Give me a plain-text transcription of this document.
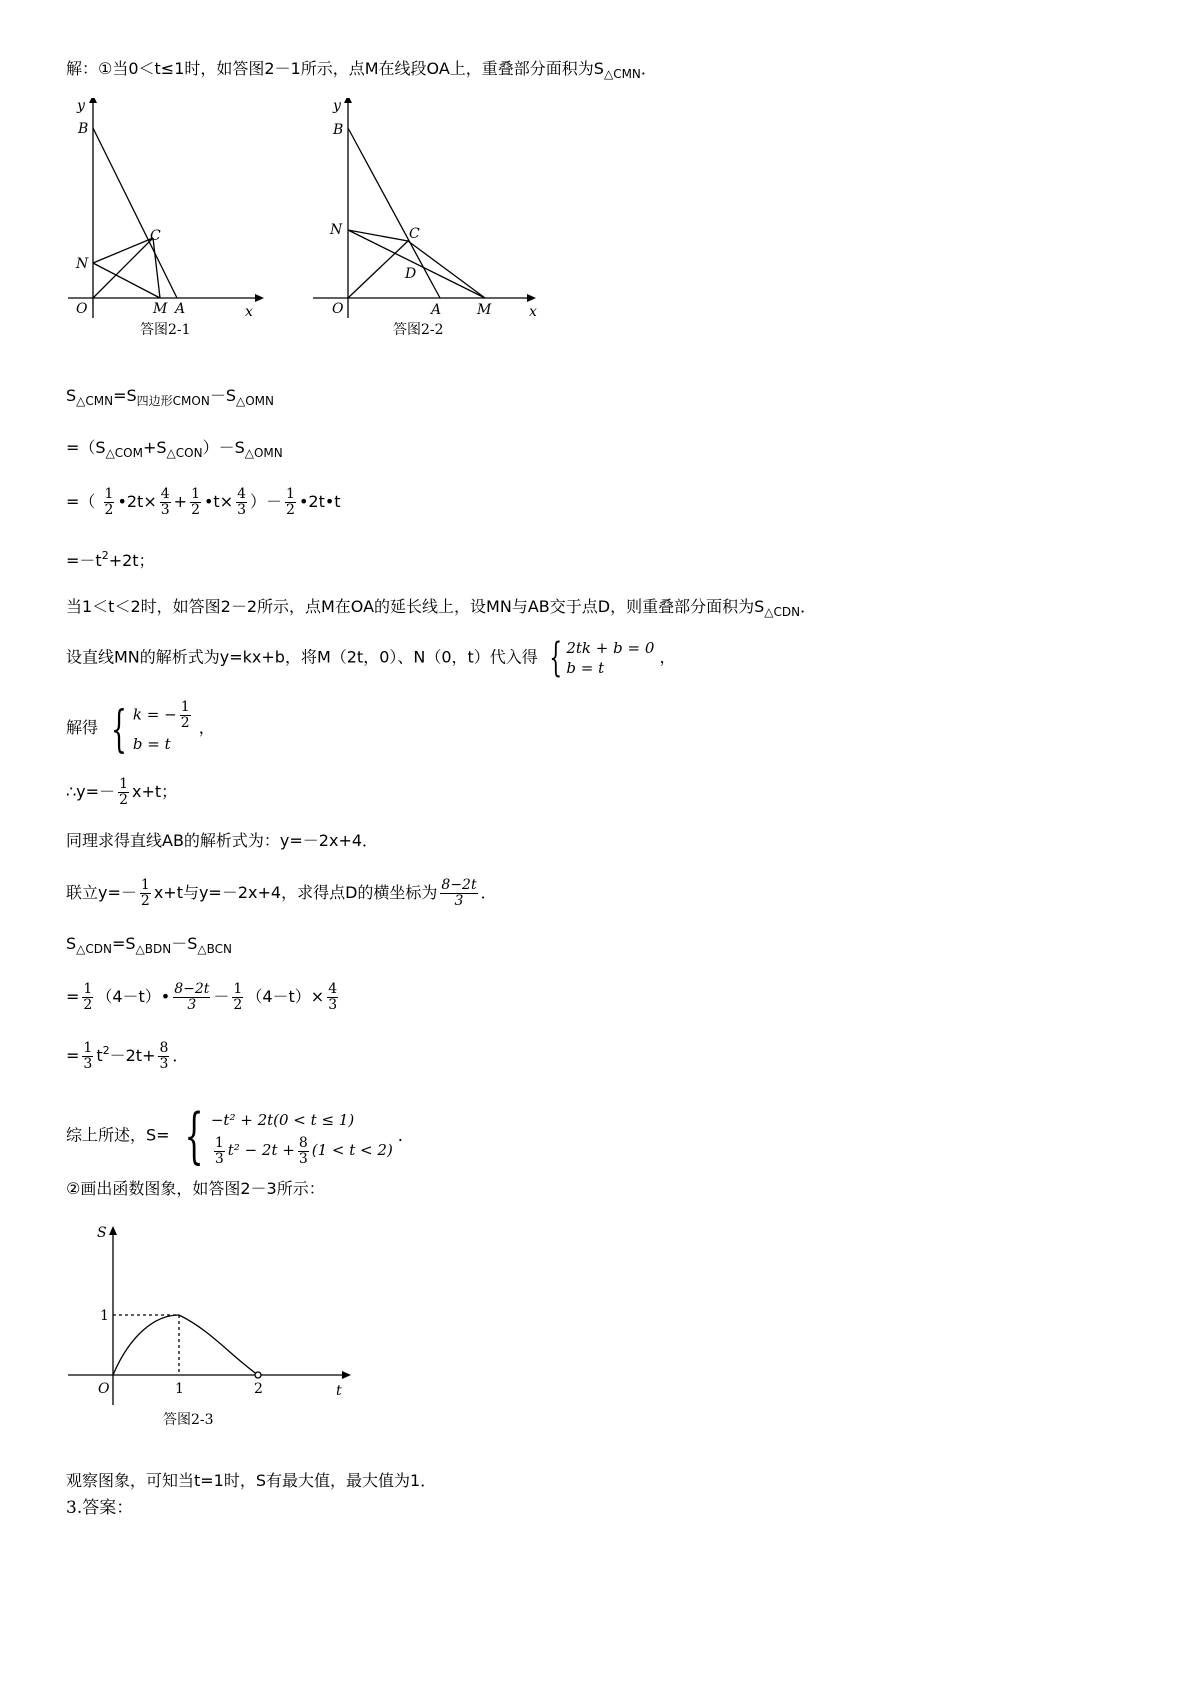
解：①当0＜t≤1时，如答图2－1所示，点M在线段OA上，重叠部分面积为$S_{\triangle CMN}$．
y
B
C
N
O	M A	x
答图2-1
y
B
N	C
D
O	A	M	x
答图2-2
$S_{\triangle CMN}=S_{四边形CMON}-S_{\triangle OMN}$
$=(S_{\triangle COM}+S_{\triangle CON})-S_{\triangle OMN}$
=（ $\frac{1}{2}$ •2t× $\frac{4}{3} + \frac{1}{2}$ •t× $\frac{4}{3}$ ）－ $\frac{1}{2}$ •2t•t
$=-t^2+2t$；
当1＜t＜2时，如答图2－2所示，点M在OA的延长线上，设MN与AB交于点D，则重叠部分面积为$S_{\triangle CDN}$．
设直线MN的解析式为y=kx+b，将M（2t，0）、N（0，t）代入得 { 2tk + b = 0
b = t
，
解得 { k = − $\frac{1}{2}$
b = t
，
∴y=－ $\frac{1}{2} x+t$；
同理求得直线AB的解析式为：y=－2x+4．
联立$y=- \frac{1}{2} x+t$与y=－2x+4，求得点D的横坐标为 $\frac{8-2t}{3}$ ．
$S_{\triangle CDN}=S_{\triangle BDN}-S_{\triangle BCN}$
= $\frac{1}{2}$ （4－t）• $\frac{8-2t}{3} - \frac{1}{2} (4-t)\times \frac{4}{3}$
= $\frac{1}{3} t^2-2t+ \frac{8}{3}$ ．
综上所述，S= { −t² + 2t(0 < t ≤ 1)
$\frac{1}{3} t^2 - 2t + \frac{8}{3} (1 < t < 2)$
．
②画出函数图象，如答图2－3所示：
S
1
O	1	2	t
答图2-3
观察图象，可知当t=1时，S有最大值，最大值为1．
3.答案：
